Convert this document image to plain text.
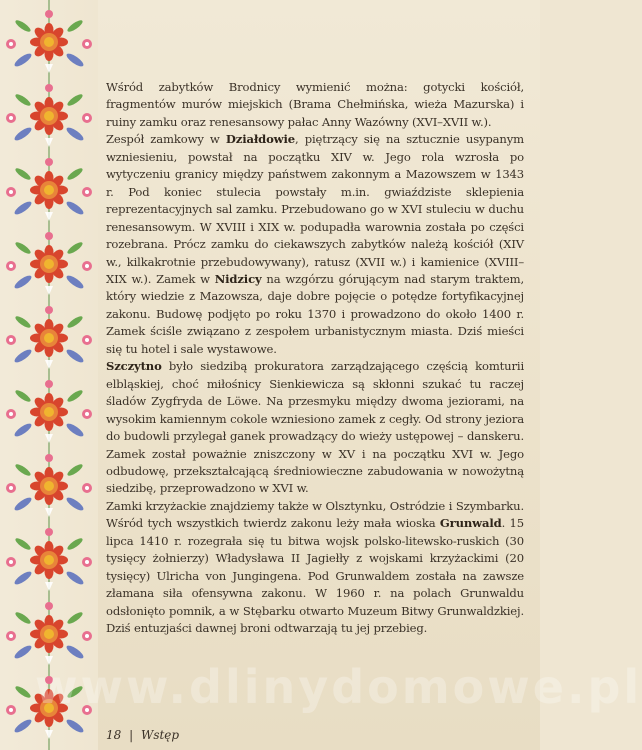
Wśród zabytków Brodnicy wymienić można: gotycki kościół, fragmentów murów miejskich (Brama Chełmińska, wieża Mazurska) i ruiny zamku oraz renesansowy pałac Anny Wazówny (XVI–XVII w.).

Zespół zamkowy w Działdowie, piętrzący się na sztucznie usypanym wzniesieniu, powstał na początku XIV w. Jego rola wzrosła po wytyczeniu granicy między państwem zakonnym a Mazowszem w 1343 r. Pod koniec stulecia powstały m.in. gwiaździste sklepienia reprezentacyjnych sal zamku. Przebudowano go w XVI stuleciu w duchu renesansowym. W XVIII i XIX w. podupadła warownia została po części rozebrana. Prócz zamku do ciekawszych zabytków należą kościół (XIV w., kilkakrotnie przebudowywany), ratusz (XVII w.) i kamienice (XVIII–XIX w.). Zamek w Nidzicy na wzgórzu górującym nad starym traktem, który wiedzie z Mazowsza, daje dobre pojęcie o potędze fortyfikacyjnej zakonu. Budowę podjęto po roku 1370 i prowadzono do około 1400 r. Zamek ściśle związano z zespołem urbanistycznym miasta. Dziś mieści się tu hotel i sale wystawowe.

Szczytno było siedzibą prokuratora zarządzającego częścią komturii elbląskiej, choć miłośnicy Sienkiewicza są skłonni szukać tu raczej śladów Zygfryda de Löwe. Na przesmyku między dwoma jeziorami, na wysokim kamiennym cokole wzniesiono zamek z cegły. Od strony jeziora do budowli przylegał ganek prowadzący do wieży ustępowej – danskeru. Zamek został poważnie zniszczony w XV i na początku XVI w. Jego odbudowę, przekształcającą średniowieczne zabudowania w nowożytną siedzibę, przeprowadzono w XVI w.

Zamki krzyżackie znajdziemy także w Olsztynku, Ostródzie i Szymbarku. Wśród tych wszystkich twierdz zakonu leży mała wioska Grunwald. 15 lipca 1410 r. rozegrała się tu bitwa wojsk polsko-litewsko-ruskich (30 tysięcy żołnierzy) Władysława II Jagiełły z wojskami krzyżackimi (20 tysięcy) Ulricha von Jungingena. Pod Grunwaldem została na zawsze złamana siła ofensywna zakonu. W 1960 r. na polach Grunwaldu odsłonięto pomnik, a w Stębarku otwarto Muzeum Bitwy Grunwaldzkiej. Dziś entuzjaści dawnej broni odtwarzają tu jej przebieg.

www.dlinydomowe.pl
18 | Wstęp
